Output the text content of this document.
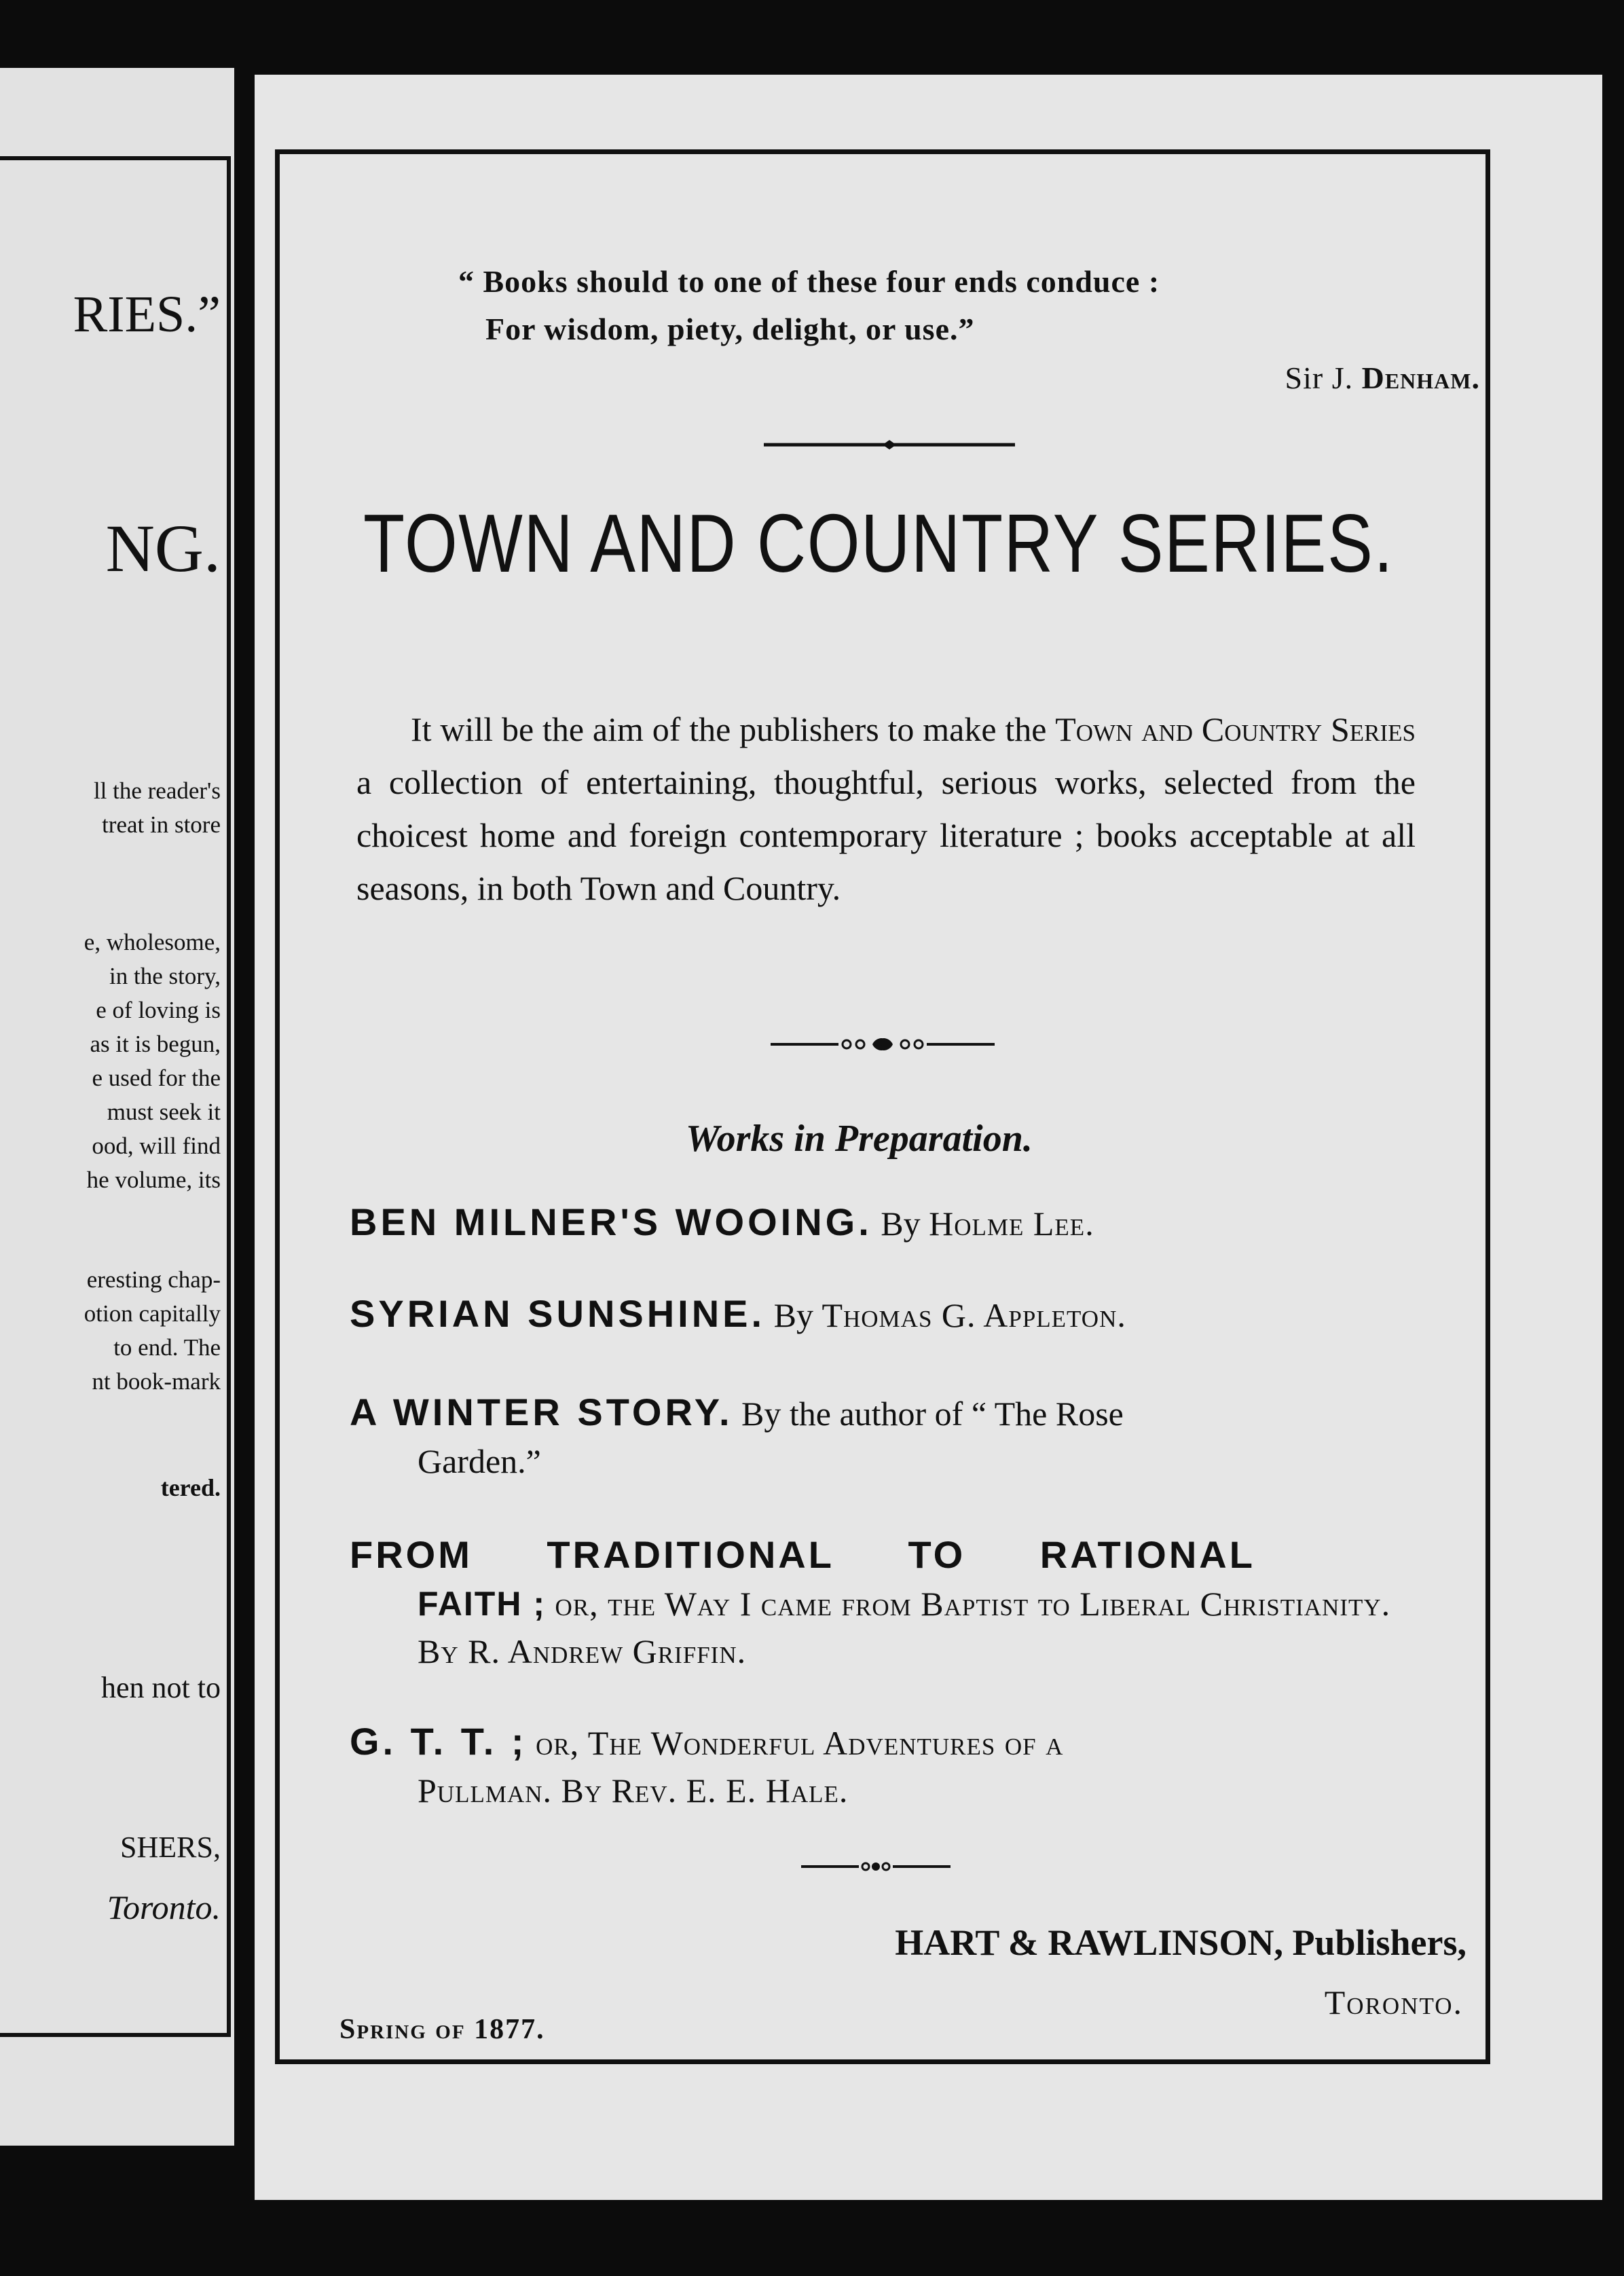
RIES.”
NG.
ll the reader's
treat in store
e, wholesome,
in the story,
e of loving is
as it is begun,
e used for the
must seek it
ood, will find
he volume, its
eresting chap-
otion capitally
to end. The
nt book-mark
tered.
hen not to
SHERS,
Toronto.
“ Books should to one of these four ends conduce :
For wisdom, piety, delight, or use.”
Sir J. Denham.
TOWN AND COUNTRY SERIES.
It will be the aim of the publishers to make the Town and Country Series a collection of entertaining, thoughtful, serious works, selected from the choicest home and foreign contemporary literature ; books acceptable at all seasons, in both Town and Country.
Works in Preparation.
BEN MILNER'S WOOING. By Holme Lee.
SYRIAN SUNSHINE. By Thomas G. Appleton.
A WINTER STORY. By the author of “ The Rose
Garden.”
FROM TRADITIONAL TO RATIONAL
FAITH ; or, the Way I came from Baptist to Liberal Christianity. By R. Andrew Griffin.
G. T. T. ; or, The Wonderful Adventures of a
Pullman. By Rev. E. E. Hale.
HART & RAWLINSON, Publishers,
Toronto.
Spring of 1877.
